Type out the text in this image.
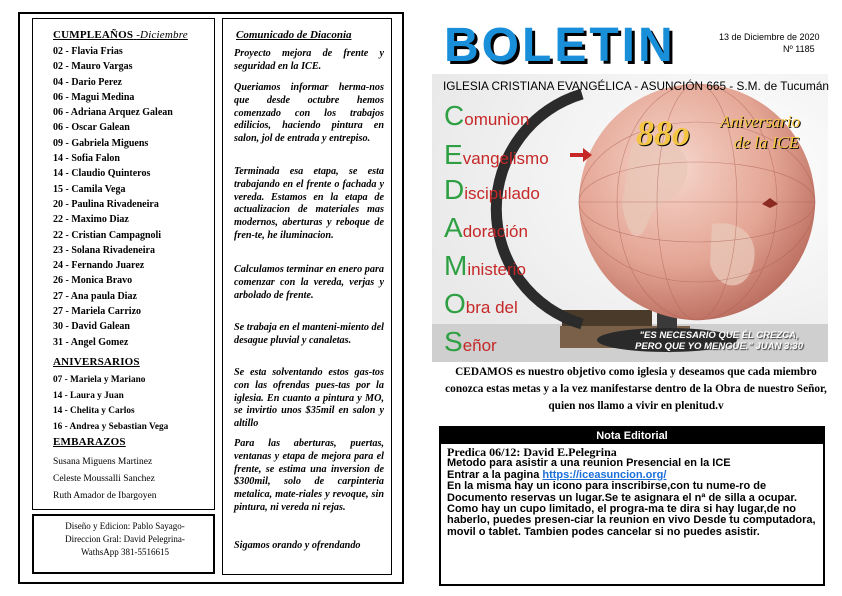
CUMPLEAÑOS -Diciembre
02 - Flavia Frias
02 - Mauro Vargas
04 - Dario Perez
06 - Magui Medina
06 - Adriana Arquez Galean
06 - Oscar Galean
09 - Gabriela Miguens
14 - Sofia Falon
14 - Claudio Quinteros
15 - Camila Vega
20 - Paulina Rivadeneira
22 - Maximo Diaz
22 - Cristian Campagnoli
23 - Solana Rivadeneira
24 - Fernando Juarez
26 - Monica Bravo
27 - Ana paula Diaz
27 - Mariela Carrizo
30 - David Galean
31 - Angel Gomez
ANIVERSARIOS
07 - Mariela y Mariano
14 - Laura y Juan
14 - Chelita y Carlos
16 - Andrea y Sebastian Vega
EMBARAZOS
Susana Miguens Martinez
Celeste Moussalli Sanchez
Ruth Amador de Ibargoyen
Diseño y Edicion: Pablo Sayago-
Direccion Gral: David Pelegrina-
WathsApp 381-5516615
Comunicado de Diaconia
Proyecto mejora de frente y seguridad en la ICE.
Queriamos informar herma-nos que desde octubre hemos comenzado con los trabajos edilicios, haciendo pintura en salon, jol de entrada y entrepiso.
Terminada esa etapa, se esta trabajando en el frente o fachada y vereda. Estamos en la etapa de actualizacion de materiales mas modernos, aberturas y reboque de fren-te, he iluminacion.
Calculamos terminar en enero para comenzar con la vereda, verjas y arbolado de frente.
Se trabaja en el manteni-miento del desague pluvial y canaletas.
Se esta solventando estos gas-tos con las ofrendas pues-tas por la iglesia. En cuanto a pintura y MO, se invirtio unos $35mil en salon y altillo
Para las aberturas, puertas, ventanas y etapa de mejora para el frente, se estima una inversion de $300mil, solo de carpinteria metalica, mate-riales y revoque, sin pintura, ni vereda ni rejas.
Sigamos orando y ofrendando
BOLETIN	13 de Diciembre de 2020
Nº 1185
IGLESIA CRISTIANA EVANGÉLICA - ASUNCIÓN 665 - S.M. de Tucumán
Comunion
Evangelismo
Discipulado
Adoración
Ministerio
Obra del
Señor
88o Aniversario
de la ICE
"ES NECESARIO QUE ÉL CREZCA,
PERO QUE YO MENGUE." JUAN 3:30
CEDAMOS es nuestro objetivo como iglesia y deseamos que cada miembro conozca estas metas y a la vez manifestarse dentro de la Obra de nuestro Señor, quien nos llamo a vivir en plenitud.v
Nota Editorial
Predica 06/12: David E.Pelegrina
Metodo para asistir a una reunion Presencial en la ICE
Entrar a la pagina https://iceasuncion.org/
En la misma hay un icono para inscribirse,con tu nume-ro de Documento reservas un lugar.Se te asignara el nª de silla a ocupar. Como hay un cupo limitado, el progra-ma te dira si hay lugar,de no haberlo, puedes presen-ciar la reunion en vivo Desde tu computadora, movil o tablet. Tambien podes cancelar si no puedes asistir.
